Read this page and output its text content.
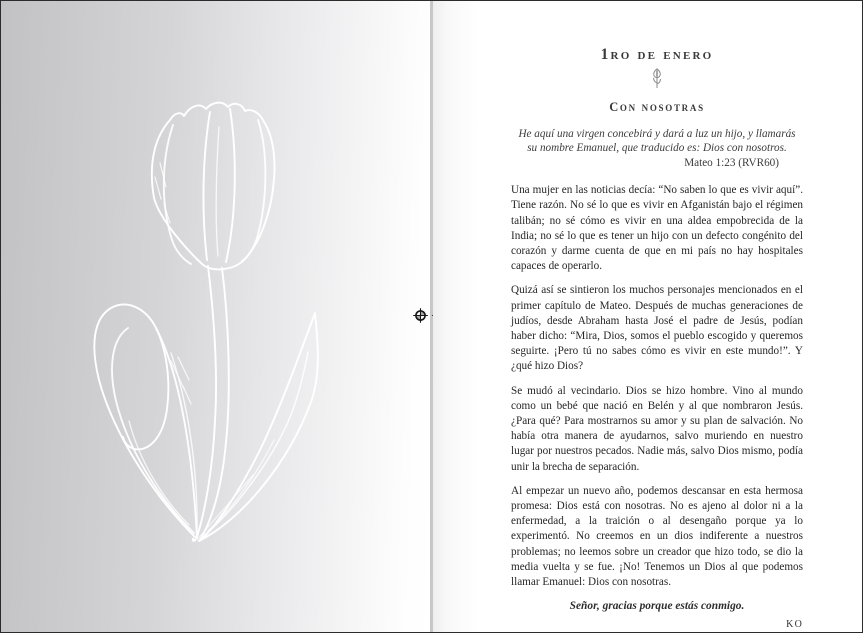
1ro de enero
Con nosotras
He aquí una virgen concebirá y dará a luz un hijo, y llamarás su nombre Emanuel, que traducido es: Dios con nosotros.
Mateo 1:23 (RVR60)

Una mujer en las noticias decía: “No saben lo que es vivir aquí”. Tiene razón. No sé lo que es vivir en Afganistán bajo el régimen talibán; no sé cómo es vivir en una aldea empobrecida de la India; no sé lo que es tener un hijo con un defecto congénito del corazón y darme cuenta de que en mi país no hay hospitales capaces de operarlo.

Quizá así se sintieron los muchos personajes mencionados en el primer capítulo de Mateo. Después de muchas generaciones de judíos, desde Abraham hasta José el padre de Jesús, podían haber dicho: “Mira, Dios, somos el pueblo escogido y queremos seguirte. ¡Pero tú no sabes cómo es vivir en este mundo!”. Y ¿qué hizo Dios?

Se mudó al vecindario. Dios se hizo hombre. Vino al mundo como un bebé que nació en Belén y al que nombraron Jesús. ¿Para qué? Para mostrarnos su amor y su plan de salvación. No había otra manera de ayudarnos, salvo muriendo en nuestro lugar por nuestros pecados. Nadie más, salvo Dios mismo, podía unir la brecha de separación.

Al empezar un nuevo año, podemos descansar en esta hermosa promesa: Dios está con nosotras. No es ajeno al dolor ni a la enfermedad, a la traición o al desengaño porque ya lo experimentó. No creemos en un dios indiferente a nuestros problemas; no leemos sobre un creador que hizo todo, se dio la media vuelta y se fue. ¡No! Tenemos un Dios al que podemos llamar Emanuel: Dios con nosotras.

Señor, gracias porque estás conmigo.
KO
